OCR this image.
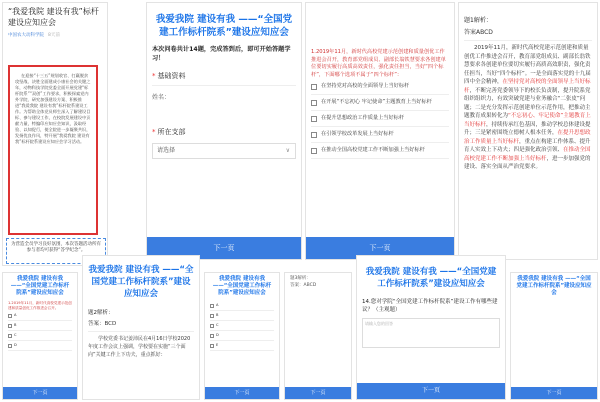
“我爱我院 建设有我”标杆建设应知应会
中国农大动科学院 8天前
在迎接“十三五”规划收官、打赢脱贫攻坚战、决胜全面建成小康社会的关键之年，动物科技学院党委全面开展党建“标杆院系”“双创”工作要求，积极探索党内外学院、研究加强建设方案、积极推进“我爱我院 建设有我”标杆院系建设工作。为帮助全体党员师生深入了解建设目标、参与建设工作，在校院发展建设中贡献力量，特编印应知应会知识，汲取经验、以知促行，使全院进一步凝聚共识，发扬优良作风，特开展“我爱我院 建设有我”标杆院系建设应知应会学习活动。
为营造全员学习良好氛围，本次答题活动所有参与者均可获得“答学纪念”。
我爱我院 建设有我 ——“全国党建工作标杆院系”建设应知应会
本次问卷共计14题，完成答到后，即可开始答题学习！
* 基础资料
姓名：
* 所在支部
请选择	∨
下一页
1.2019年11月，新时代高校党建示范创建和质量创优工作推进会召开，教育部党组成员、副部长翁铁慧要求各创建单位要切实履行高质高效责任，强化责任担当，当好“四个标杆”，下面哪个选项不属于“四个标杆”：
在坚持党对高校的全面领导上当好标杆
在开展“不忘初心 牢记使命”主题教育上当好标杆
在提升思想政治工作质量上当好标杆
在引领学校改革发展上当好标杆
在推动全国高校党建工作不断加强上当好标杆
下一页
题1解析：
答案ABCD
2019年11月，新时代高校党建示范创建和质量创优工作推进会召开，教育部党组成员、副部长翁铁慧要求各创建单位要切实履行高质高效职责，强化责任担当，当好“四个标杆”。一是全面落实党的十九届四中全会精神，在坚持党对高校的全面领导上当好标杆，不断完善党委领导下的校长负责制，提升院系党组织组织力，有效突破党建与业务融合“二张皮”问题；二是充分发挥示范创建单位示范作用，把推动主题教育成果转化为“不忘初心、牢记使命”主题教育上当好标杆，持续传承红色基因，推动学校总体建设提升；三是紧密围绕立德树人根本任务，在提升思想政治工作质量上当好标杆，重点在构建工作体系、提升育人实效上下功夫；四是强化政治引领、在推动全国高校党建工作不断加强上当好标杆，进一步加强党的建设、落实全面从严治党要求。
我爱我院 建设有我 ——“全国党建工作标杆院系”建设应知应会
1.2019年11月，新时代高校党建示范创建和质量创优工作推进会召开。
A
B
C
D
下一页
我爱我院 建设有我 ——“全国党建工作标杆院系”建设应知应会
题2解析：
答案：BCD
学校党委书记姜沛民在4月16日学校2020年度工作会议上强调，学校要在实施“三个面向”关键工作上下功夫，重点抓好：
我爱我院 建设有我 ——“全国党建工作标杆院系”建设应知应会
A
B
C
D
E
下一页
题3解析：
答案：ABCD
下一页
我爱我院 建设有我 ——“全国党建工作标杆院系”建设应知应会
14.您对学院“全国党建工作标杆院系”建设工作有哪些建议？（主观题）
请输入您的回答
下一页
我爱我院 建设有我 ——“全国党建工作标杆院系”建设应知应会
下一页
